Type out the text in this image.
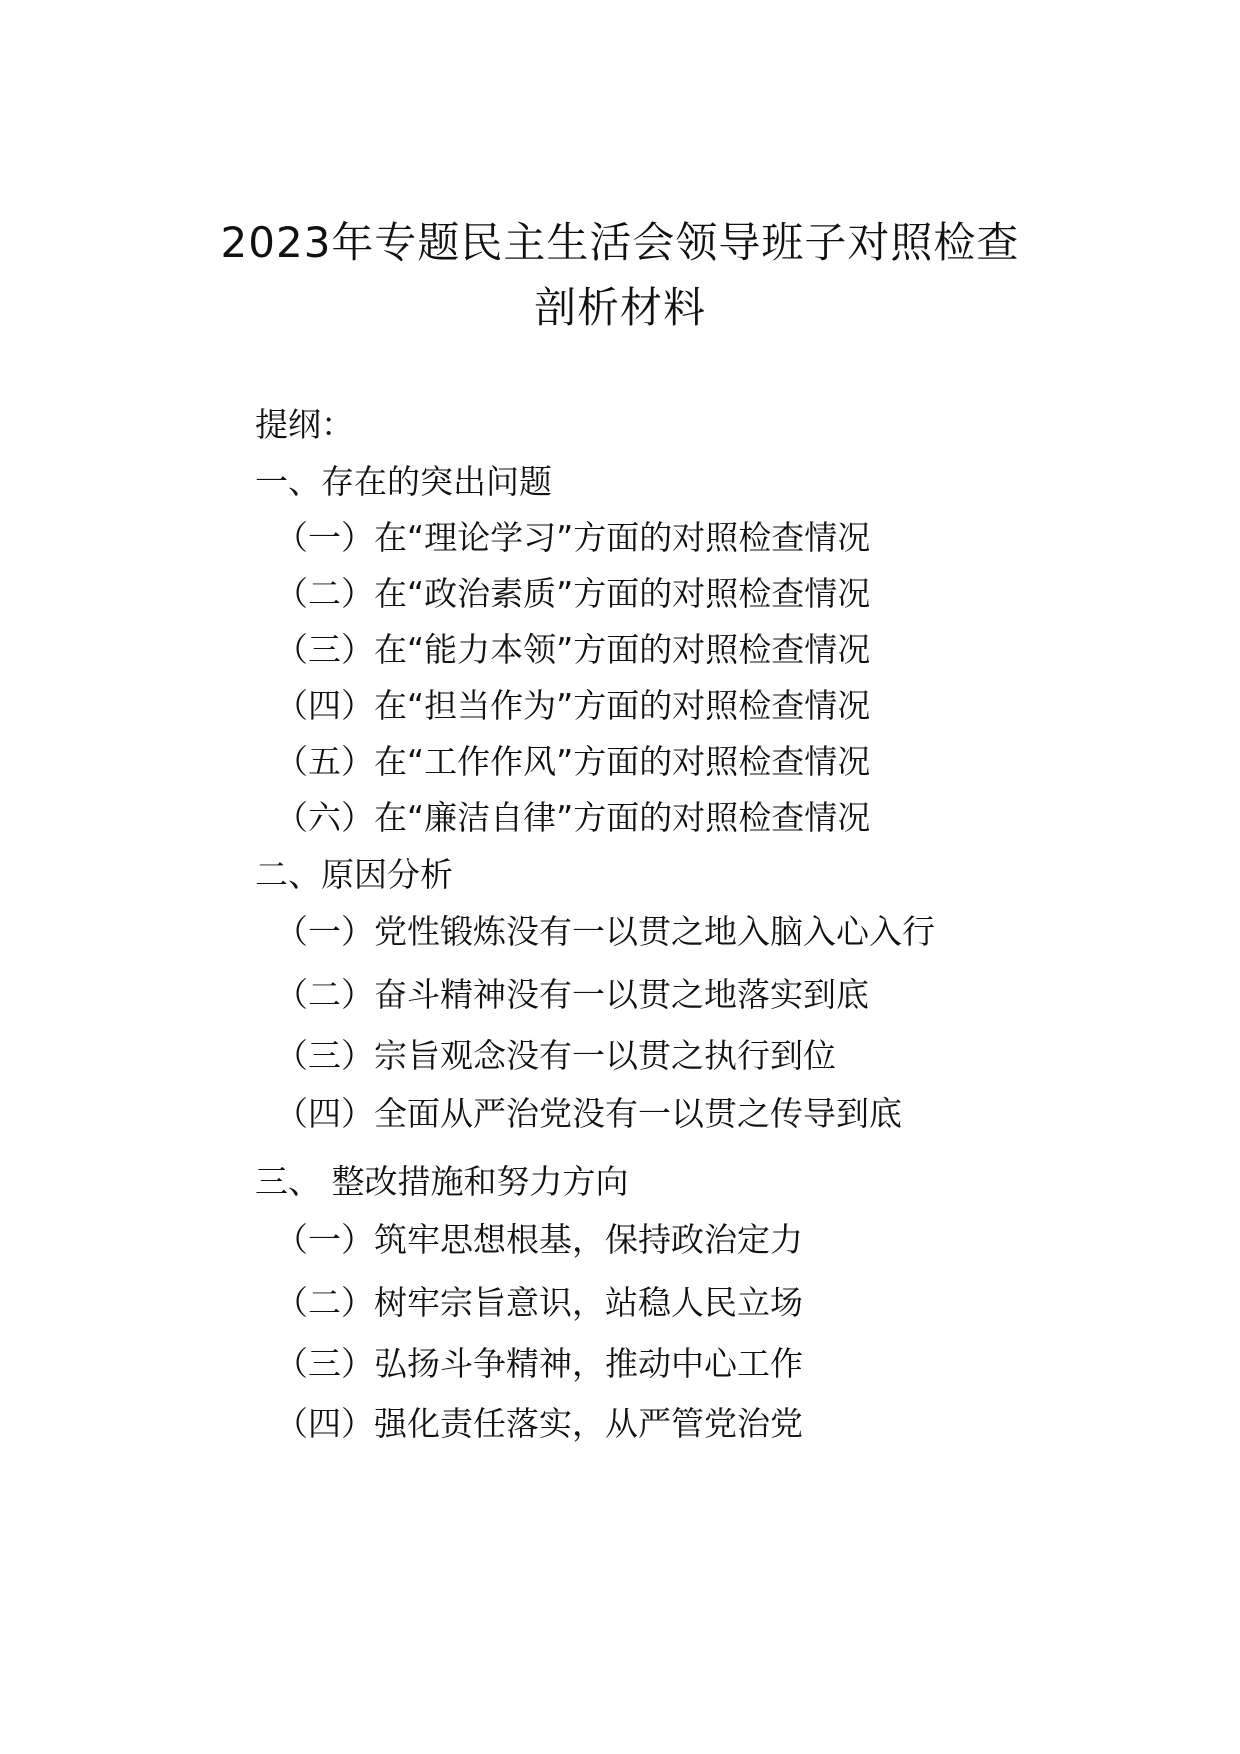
2023年专题民主生活会领导班子对照检查
剖析材料
提纲：
一、存在的突出问题
（一）在“理论学习”方面的对照检查情况
（二）在“政治素质”方面的对照检查情况
（三）在“能力本领”方面的对照检查情况
（四）在“担当作为”方面的对照检查情况
（五）在“工作作风”方面的对照检查情况
（六）在“廉洁自律”方面的对照检查情况
二、原因分析
（一）党性锻炼没有一以贯之地入脑入心入行
（二）奋斗精神没有一以贯之地落实到底
（三）宗旨观念没有一以贯之执行到位
（四）全面从严治党没有一以贯之传导到底
三、 整改措施和努力方向
（一）筑牢思想根基，保持政治定力
（二）树牢宗旨意识，站稳人民立场
（三）弘扬斗争精神，推动中心工作
（四）强化责任落实，从严管党治党
